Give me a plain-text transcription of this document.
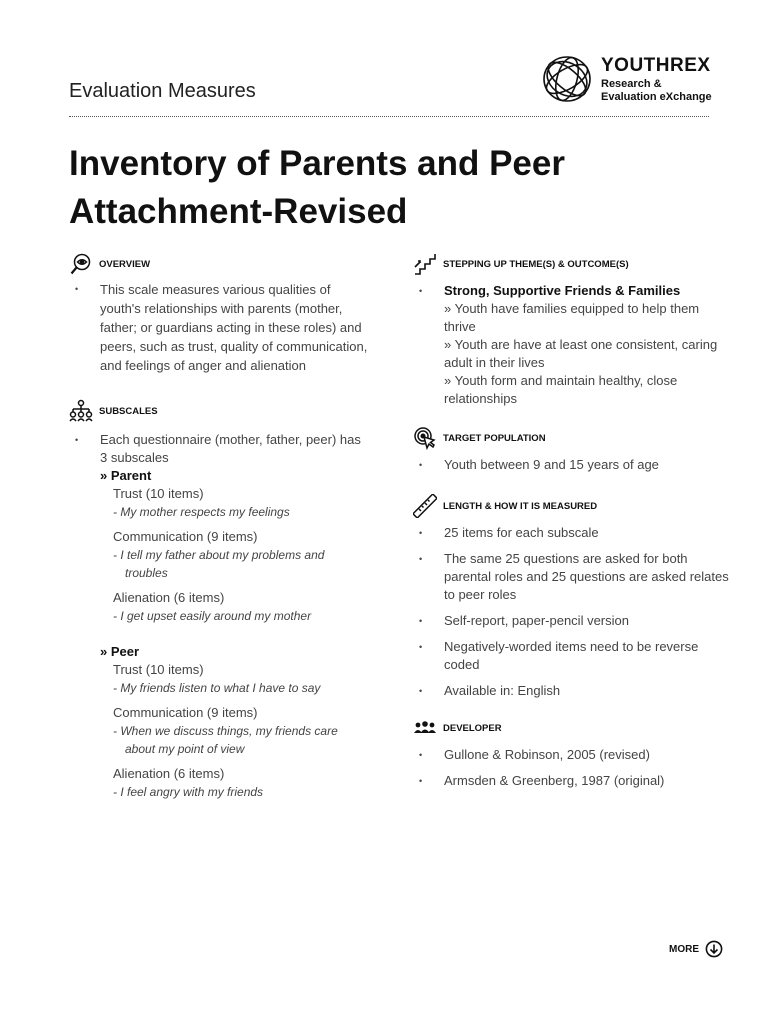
Evaluation Measures
YOUTHREX
Research &
Evaluation eXchange
Inventory of Parents and Peer
Attachment-Revised
OVERVIEW
• This scale measures various qualities of youth's relationships with parents (mother, father; or guardians acting in these roles) and peers, such as trust, quality of communication, and feelings of anger and alienation
SUBSCALES
• Each questionnaire (mother, father, peer) has 3 subscales
» Parent
Trust (10 items)
- My mother respects my feelings
Communication (9 items)
- I tell my father about my problems and troubles
Alienation (6 items)
- I get upset easily around my mother
» Peer
Trust (10 items)
- My friends listen to what I have to say
Communication (9 items)
- When we discuss things, my friends care about my point of view
Alienation (6 items)
- I feel angry with my friends
STEPPING UP THEME(S) & OUTCOME(S)
• Strong, Supportive Friends & Families
» Youth have families equipped to help them thrive
» Youth are have at least one consistent, caring adult in their lives
» Youth form and maintain healthy, close relationships
TARGET POPULATION
• Youth between 9 and 15 years of age
LENGTH & HOW IT IS MEASURED
• 25 items for each subscale
• The same 25 questions are asked for both parental roles and 25 questions are asked relates to peer roles
• Self-report, paper-pencil version
• Negatively-worded items need to be reverse coded
• Available in: English
DEVELOPER
• Gullone & Robinson, 2005 (revised)
• Armsden & Greenberg, 1987 (original)
MORE
